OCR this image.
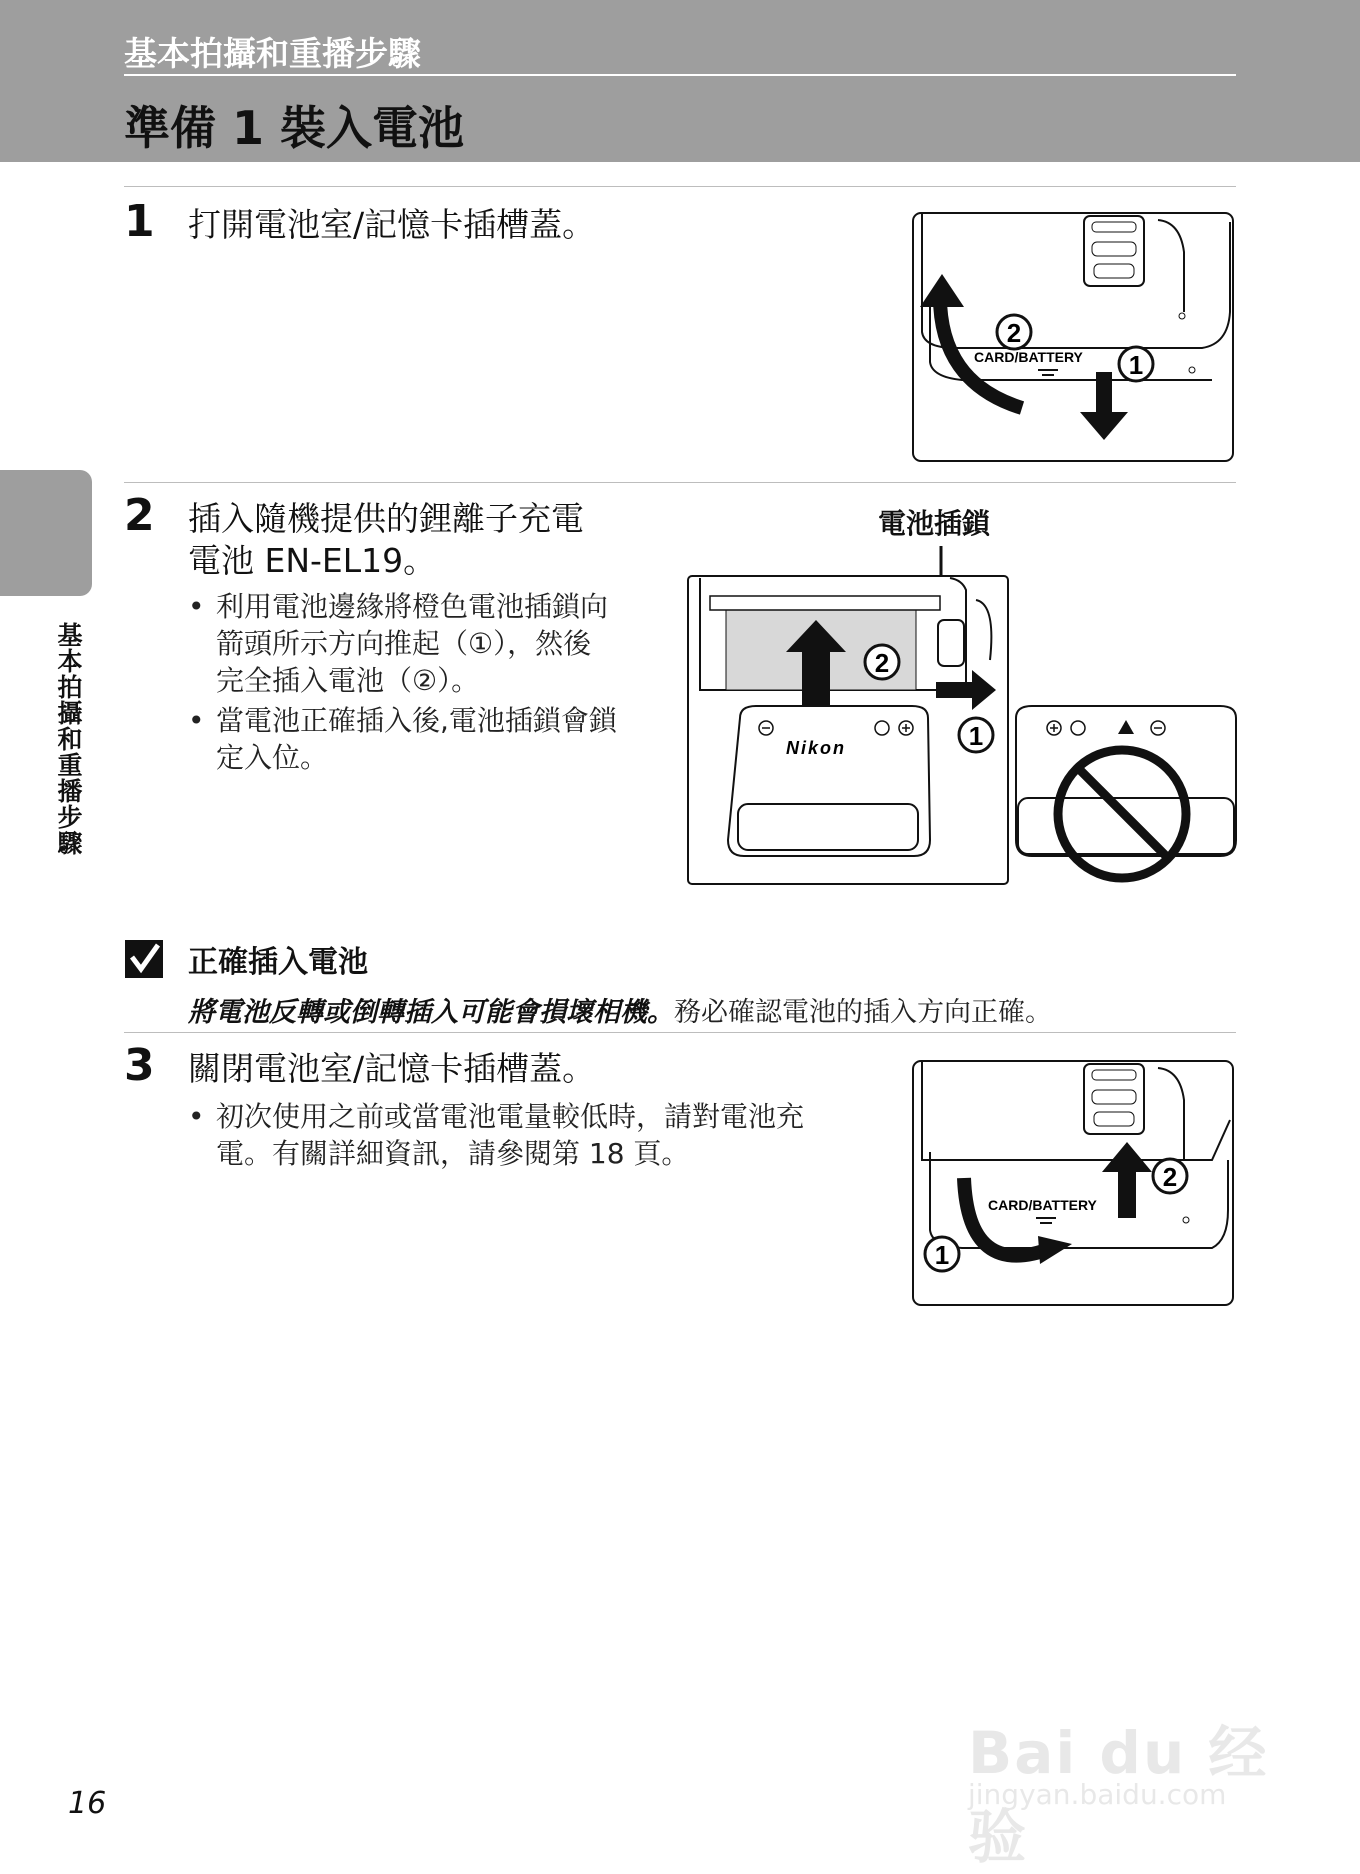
基本拍攝和重播步驟
準備 1 裝入電池
基本拍攝和重播步驟
1 打開電池室/記憶卡插槽蓋。
2
CARD/BATTERY 1
2 插入隨機提供的鋰離子充電
電池 EN-EL19。
• 利用電池邊緣將橙色電池插鎖向
箭頭所示方向推起（①），然後
完全插入電池（②）。
• 當電池正確插入後,電池插鎖會鎖
定入位。
電池插鎖
2
1
Nikon
正確插入電池
將電池反轉或倒轉插入可能會損壞相機。務必確認電池的插入方向正確。
3 關閉電池室/記憶卡插槽蓋。
• 初次使用之前或當電池電量較低時，請對電池充
電。有關詳細資訊，請參閱第 18 頁。
1
CARD/BATTERY
2
16
Bai du 经验
jingyan.baidu.com
